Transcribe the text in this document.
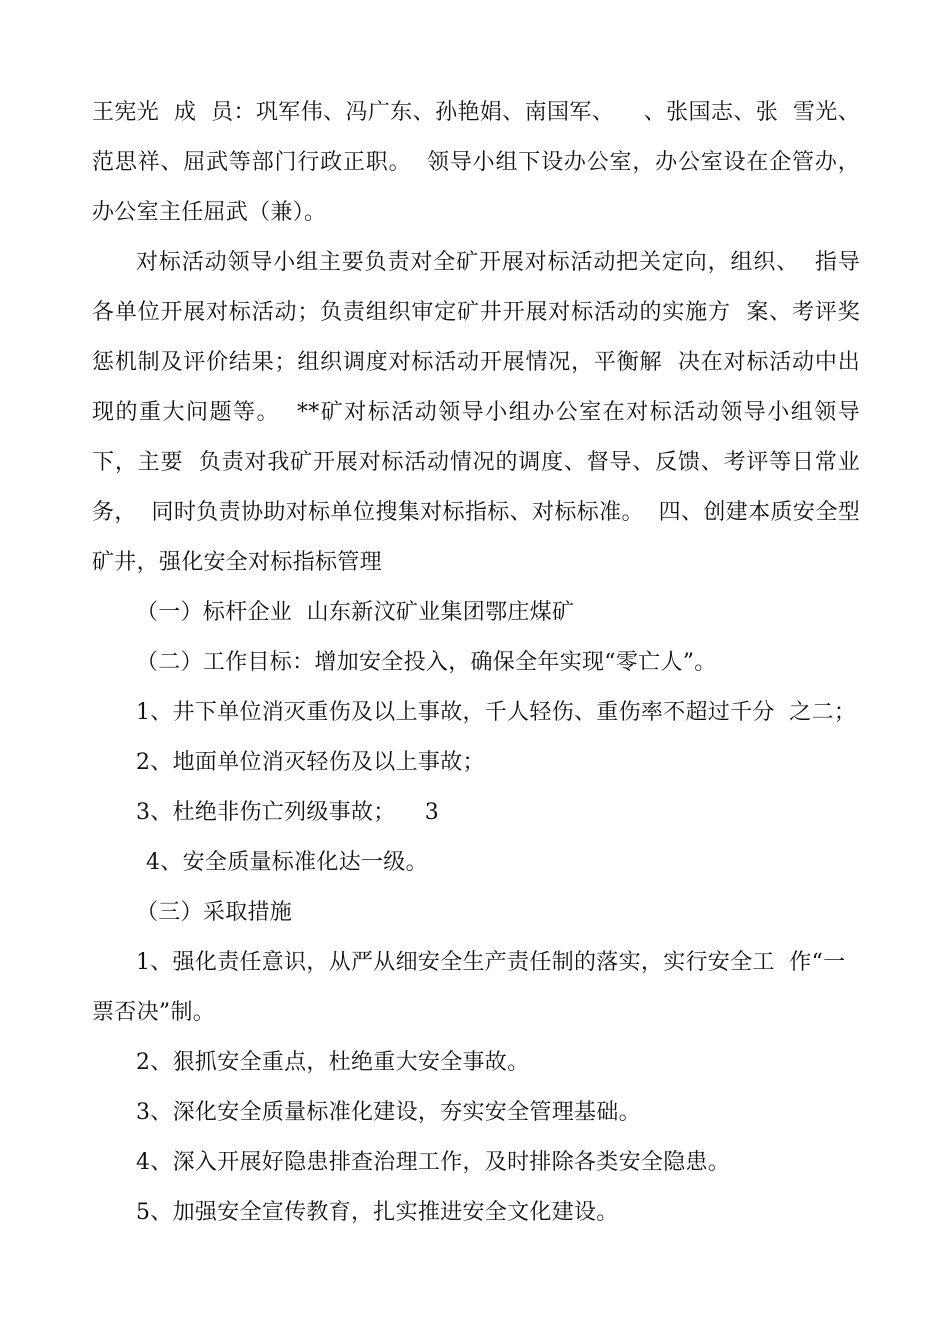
王宪光  成  员：巩军伟、冯广东、孙艳娟、南国军、    、张国志、张  雪光、范思祥、屈武等部门行政正职。  领导小组下设办公室，办公室设在企管办，办公室主任屈武（兼）。

对标活动领导小组主要负责对全矿开展对标活动把关定向，组织、  指导各单位开展对标活动；负责组织审定矿井开展对标活动的实施方  案、考评奖惩机制及评价结果；组织调度对标活动开展情况，平衡解  决在对标活动中出现的重大问题等。  **矿对标活动领导小组办公室在对标活动领导小组领导下，主要  负责对我矿开展对标活动情况的调度、督导、反馈、考评等日常业务，  同时负责协助对标单位搜集对标指标、对标标准。  四、创建本质安全型矿井，强化安全对标指标管理

（一）标杆企业  山东新汶矿业集团鄂庄煤矿

（二）工作目标：增加安全投入，确保全年实现“零亡人”。

1、井下单位消灭重伤及以上事故，千人轻伤、重伤率不超过千分  之二；

2、地面单位消灭轻伤及以上事故；

3、杜绝非伤亡列级事故；    3

4、安全质量标准化达一级。

（三）采取措施

1、强化责任意识，从严从细安全生产责任制的落实，实行安全工  作“一票否决”制。

2、狠抓安全重点，杜绝重大安全事故。

3、深化安全质量标准化建设，夯实安全管理基础。

4、深入开展好隐患排查治理工作，及时排除各类安全隐患。

5、加强安全宣传教育，扎实推进安全文化建设。
